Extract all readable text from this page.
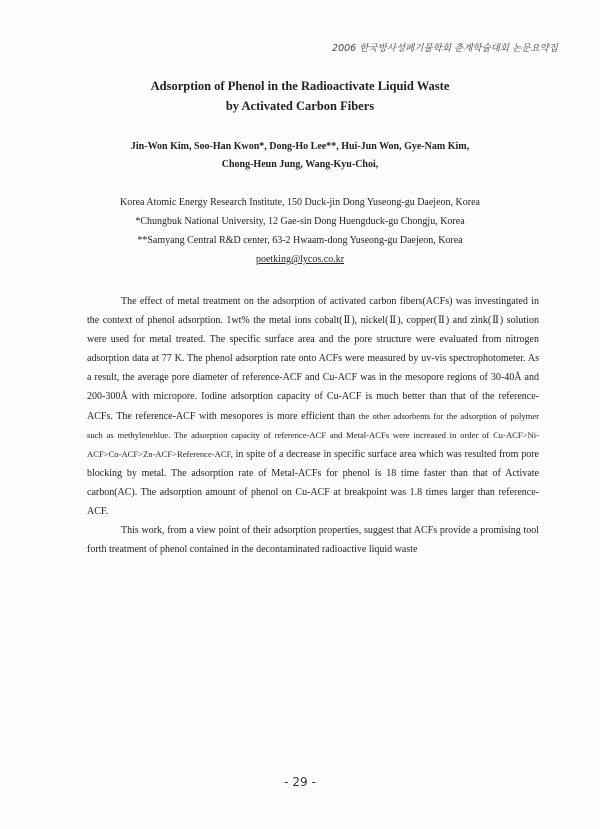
2006 한국방사성폐기물학회 춘계학술대회 논문요약집
Adsorption of Phenol in the Radioactivate Liquid Waste
by Activated Carbon Fibers
Jin-Won Kim, Soo-Han Kwon*, Dong-Ho Lee**, Hui-Jun Won, Gye-Nam Kim,
Chong-Heun Jung, Wang-Kyu-Choi,
Korea Atomic Energy Research Institute, 150 Duck-jin Dong Yuseong-gu Daejeon, Korea
*Chungbuk National University, 12 Gae-sin Dong Huengduck-gu Chongju, Korea
**Samyang Central R&D center, 63-2 Hwaam-dong Yuseong-gu Daejeon, Korea
poetking@lycos.co.kr

The effect of metal treatment on the adsorption of activated carbon fibers(ACFs) was investingated in the context of phenol adsorption. 1wt% the metal ions cobalt(Ⅱ), nickel(Ⅱ), copper(Ⅱ) and zink(Ⅱ) solution were used for metal treated. The specific surface area and the pore structure were evaluated from nitrogen adsorption data at 77 K. The phenol adsorption rate onto ACFs were measured by uv-vis spectrophotometer. As a result, the average pore diameter of reference-ACF and Cu-ACF was in the mesopore regions of 30-40Å and 200-300Å with micropore. Iodine adsorption capacity of Cu-ACF is much better than that of the reference-ACFs. The reference-ACF with mesopores is more efficient than the other adsorbents for the adsorption of polymer such as methyleneblue. The adsorption capacity of reference-ACF and Metal-ACFs were increased in order of Cu-ACF>Ni-ACF>Co-ACF>Zn-ACF>Reference-ACF, in spite of a decrease in specific surface area which was resulted from pore blocking by metal. The adsorption rate of Metal-ACFs for phenol is 18 time faster than that of Activate carbon(AC). The adsorption amount of phenol on Cu-ACF at breakpoint was 1.8 times larger than reference-ACF.

This work, from a view point of their adsorption properties, suggest that ACFs provide a promising tool forth treatment of phenol contained in the decontaminated radioactive liquid waste

- 29 -
